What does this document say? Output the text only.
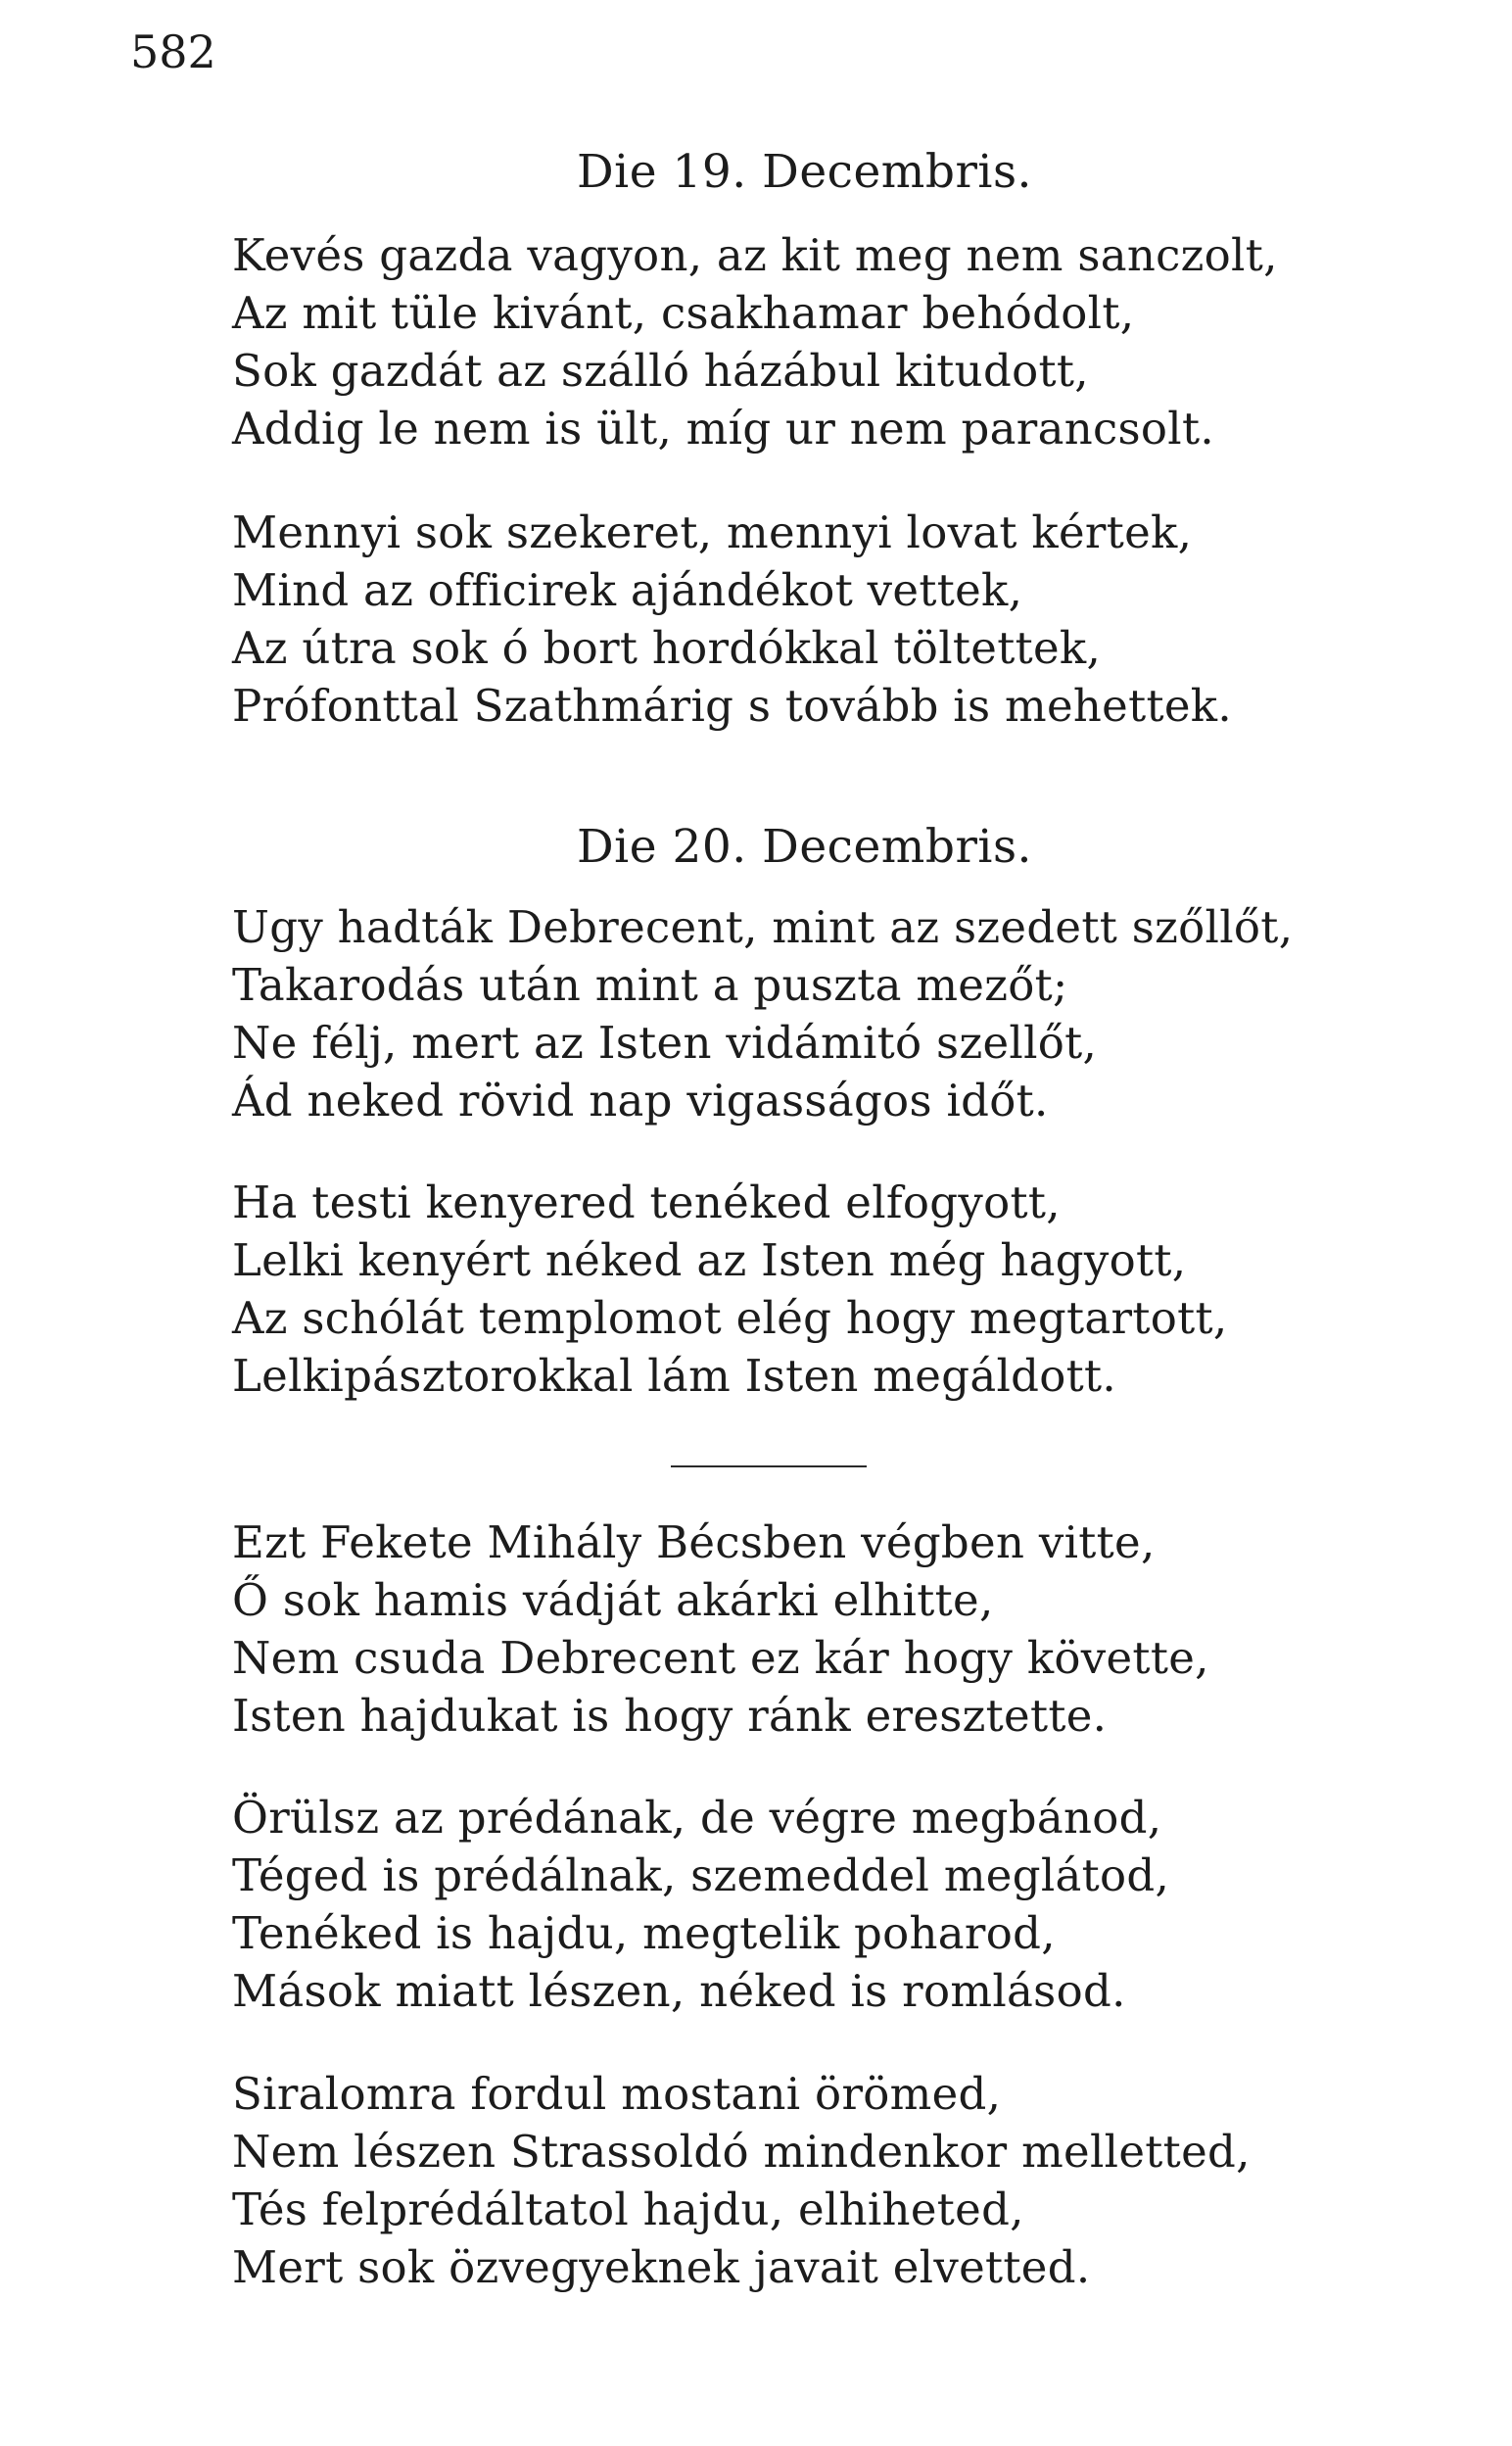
582
Die 19. Decembris.
Kevés gazda vagyon, az kit meg nem sanczolt,
Az mit tüle kivánt, csakhamar behódolt,
Sok gazdát az szálló házábul kitudott,
Addig le nem is ült, míg ur nem parancsolt.
Mennyi sok szekeret, mennyi lovat kértek,
Mind az officirek ajándékot vettek,
Az útra sok ó bort hordókkal töltettek,
Prófonttal Szathmárig s tovább is mehettek.
Die 20. Decembris.
Ugy hadták Debrecent, mint az szedett szőllőt,
Takarodás után mint a puszta mezőt;
Ne félj, mert az Isten vidámitó szellőt,
Ád neked rövid nap vigasságos időt.
Ha testi kenyered tenéked elfogyott,
Lelki kenyért néked az Isten még hagyott,
Az schólát templomot elég hogy megtartott,
Lelkipásztorokkal lám Isten megáldott.
Ezt Fekete Mihály Bécsben végben vitte,
Ő sok hamis vádját akárki elhitte,
Nem csuda Debrecent ez kár hogy követte,
Isten hajdukat is hogy ránk eresztette.
Örülsz az prédának, de végre megbánod,
Téged is prédálnak, szemeddel meglátod,
Tenéked is hajdu, megtelik poharod,
Mások miatt lészen, néked is romlásod.
Siralomra fordul mostani örömed,
Nem lészen Strassoldó mindenkor melletted,
Tés felprédáltatol hajdu, elhiheted,
Mert sok özvegyeknek javait elvetted.
